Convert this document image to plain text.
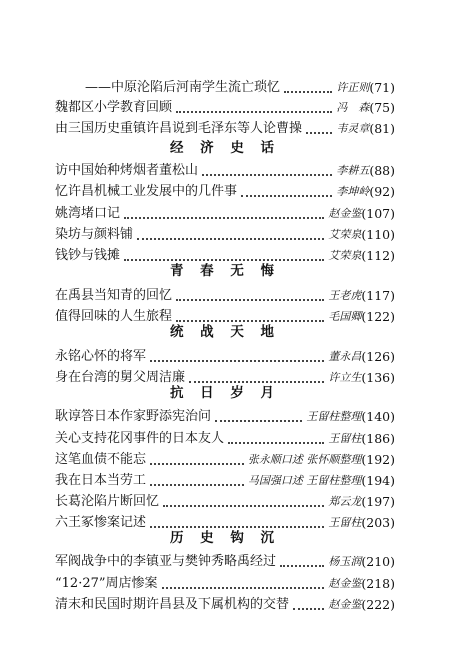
——中原沦陷后河南学生流亡琐忆	许正则 (71)
魏都区小学教育回顾	冯　森 (75)
由三国历史重镇许昌说到毛泽东等人论曹操	韦灵章 (81)
经 济 史 话
访中国始种烤烟者董松山	李耕五 (88)
忆许昌机械工业发展中的几件事	李坤岭 (92)
姚湾堵口记	赵金鉴 (107)
染坊与颜料铺	艾荣泉 (110)
钱钞与钱摊	艾荣泉 (112)
青 春 无 悔
在禹县当知青的回忆	王老虎 (117)
值得回味的人生旅程	毛国卿 (122)
统 战 天 地
永铭心怀的将军	董永昌 (126)
身在台湾的舅父周洁廉	许立生 (136)
抗 日 岁 月
耿谆答日本作家野添宪治问	王留柱整理 (140)
关心支持花冈事件的日本友人	王留柱 (186)
这笔血债不能忘	张永顺口述 张怀顺整理 (192)
我在日本当劳工	马国强口述 王留柱整理 (194)
长葛沦陷片断回忆	郑云龙 (197)
六王冢惨案记述	王留柱 (203)
历 史 钩 沉
军阀战争中的李镇亚与樊钟秀略禹经过	杨玉润 (210)
“12·27”周店惨案	赵金鉴 (218)
清末和民国时期许昌县及下属机构的交替	赵金鉴 (222)
